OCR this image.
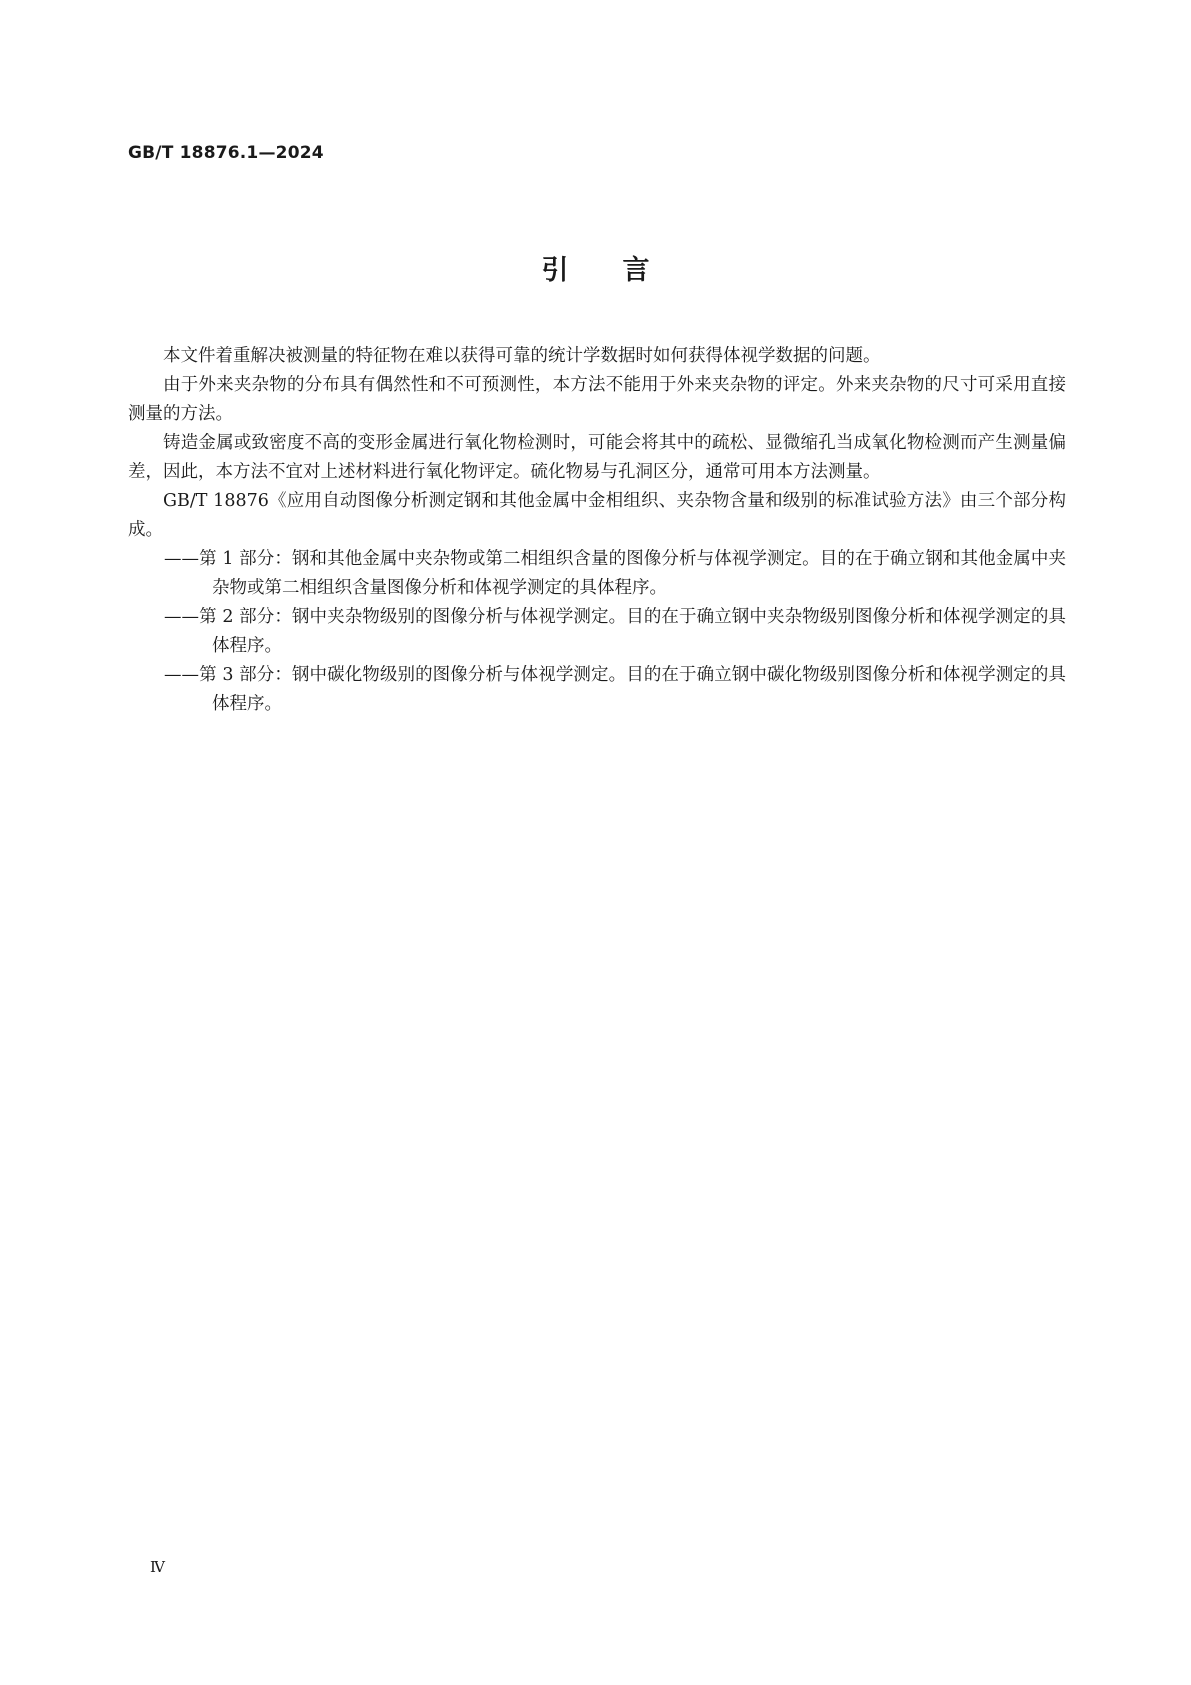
GB/T 18876.1—2024
引言

本文件着重解决被测量的特征物在难以获得可靠的统计学数据时如何获得体视学数据的问题。

由于外来夹杂物的分布具有偶然性和不可预测性，本方法不能用于外来夹杂物的评定。外来夹杂物的尺寸可采用直接测量的方法。

铸造金属或致密度不高的变形金属进行氧化物检测时，可能会将其中的疏松、显微缩孔当成氧化物检测而产生测量偏差，因此，本方法不宜对上述材料进行氧化物评定。硫化物易与孔洞区分，通常可用本方法测量。

GB/T 18876《应用自动图像分析测定钢和其他金属中金相组织、夹杂物含量和级别的标准试验方法》由三个部分构成。

——第 1 部分：钢和其他金属中夹杂物或第二相组织含量的图像分析与体视学测定。目的在于确立钢和其他金属中夹杂物或第二相组织含量图像分析和体视学测定的具体程序。

——第 2 部分：钢中夹杂物级别的图像分析与体视学测定。目的在于确立钢中夹杂物级别图像分析和体视学测定的具体程序。

——第 3 部分：钢中碳化物级别的图像分析与体视学测定。目的在于确立钢中碳化物级别图像分析和体视学测定的具体程序。

Ⅳ
